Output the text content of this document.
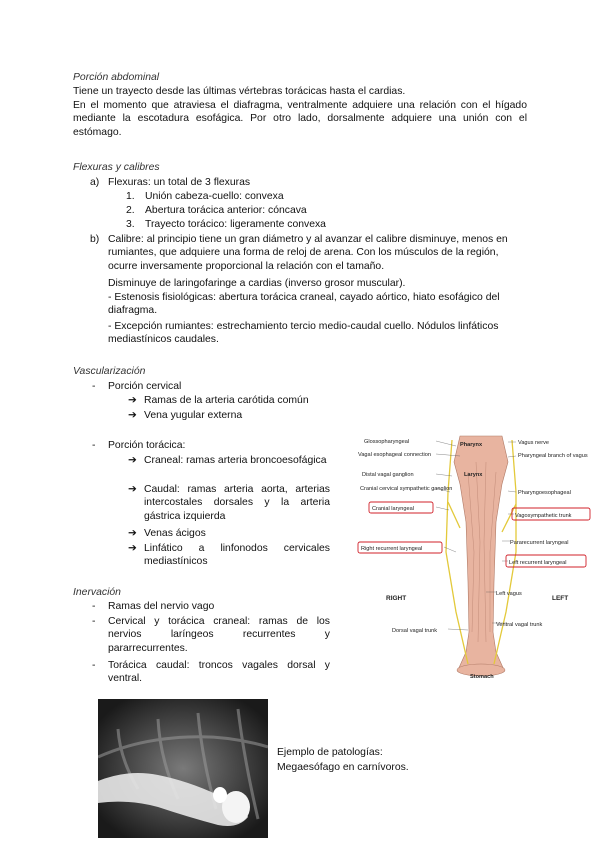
Porción abdominal
Tiene un trayecto desde las últimas vértebras torácicas hasta el cardias.
En el momento que atraviesa el diafragma, ventralmente adquiere una relación con el hígado mediante la escotadura esofágica. Por otro lado, dorsalmente adquiere una unión con el estómago.
Flexuras y calibres
a) Flexuras: un total de 3 flexuras
1. Unión cabeza-cuello: convexa
2. Abertura torácica anterior: cóncava
3. Trayecto torácico: ligeramente convexa
b) Calibre: al principio tiene un gran diámetro y al avanzar el calibre disminuye, menos en rumiantes, que adquiere una forma de reloj de arena. Con los músculos de la región, ocurre inversamente proporcional la relación con el tamaño.
Disminuye de laringofaringe a cardias (inverso grosor muscular).
- Estenosis fisiológicas: abertura torácica craneal, cayado aórtico, hiato esofágico del diafragma.
- Excepción rumiantes: estrechamiento tercio medio-caudal cuello. Nódulos linfáticos mediastínicos caudales.
Vascularización
- Porción cervical
➔ Ramas de la arteria carótida común
➔ Vena yugular externa
- Porción torácica:
➔ Craneal: ramas arteria broncoesofágica
➔ Caudal: ramas arteria aorta, arterias intercostales dorsales y la arteria gástrica izquierda
➔ Venas ácigos
➔ Linfático a linfonodos cervicales mediastínicos
Inervación
- Ramas del nervio vago
- Cervical y torácica craneal: ramas de los nervios laríngeos recurrentes y pararrecurrentes.
- Torácica caudal: troncos vagales dorsal y ventral.
Glossopharyngeal
Vagal esophageal connection
Distal vagal ganglion
Cranial cervical sympathetic ganglion
Cranial laryngeal
Right recurrent laryngeal
Dorsal vagal trunk
Vagus nerve
Pharyngeal branch of vagus
Pharyngoesophageal
Vagosympathetic trunk
Pararecurrent laryngeal
Left recurrent laryngeal
Left vagus
Ventral vagal trunk
Pharynx
Larynx
Stomach
RIGHT	LEFT
Ejemplo de patologías:
Megaesófago en carnívoros.
